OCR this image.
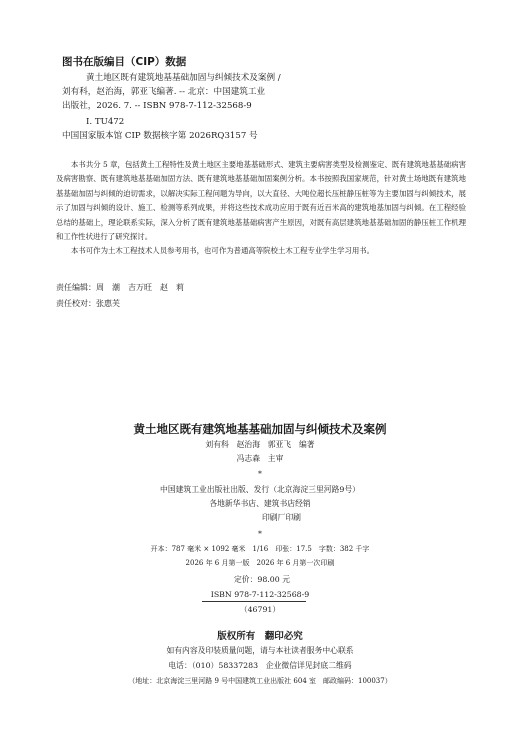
图书在版编目（CIP）数据
黄土地区既有建筑地基基础加固与纠倾技术及案例 /
刘有科，赵治海，郭亚飞编著. -- 北京：中国建筑工业
出版社，2026. 7. -- ISBN 978-7-112-32568-9
Ⅰ. TU472
中国国家版本馆 CIP 数据核字第 2026RQ3157 号

本书共分 5 章，包括黄土工程特性及黄土地区主要地基基础形式、建筑主要病害类型及检测鉴定、既有建筑地基基础病害及病害勘察、既有建筑地基基础加固方法、既有建筑地基基础加固案例分析。本书按照我国家规范，针对黄土场地既有建筑地基基础加固与纠倾的迫切需求，以解决实际工程问题为导向，以大直径、大吨位超长压桩静压桩等为主要加固与纠倾技术，展示了加固与纠倾的设计、施工、检测等系列成果，并将这些技术成功应用于既有近百米高的建筑地基加固与纠倾。在工程经验总结的基础上，理论联系实际，深入分析了既有建筑地基基础病害产生原因，对既有高层建筑地基基础加固的静压桩工作机理和工作性状进行了研究探讨。

本书可作为土木工程技术人员参考用书，也可作为普通高等院校土木工程专业学生学习用书。

责任编辑：周　潮　吉万旺　赵　莉
责任校对：张惠芙
黄土地区既有建筑地基基础加固与纠倾技术及案例
刘有科　赵治海　郭亚飞　编著
冯志森　主审
*
中国建筑工业出版社出版、发行（北京海淀三里河路9号）
各地新华书店、建筑书店经销
印刷厂印刷
*
开本：787 毫米 × 1092 毫米　1/16　印张：17.5　字数：382 千字
2026 年 6 月第一版　2026 年 6 月第一次印刷
定价：98.00 元
ISBN 978-7-112-32568-9
（46791）
版权所有　翻印必究
如有内容及印装质量问题，请与本社读者服务中心联系
电话：（010）58337283　企业微信详见封底二维码
（地址：北京海淀三里河路 9 号中国建筑工业出版社 604 室　邮政编码：100037）
